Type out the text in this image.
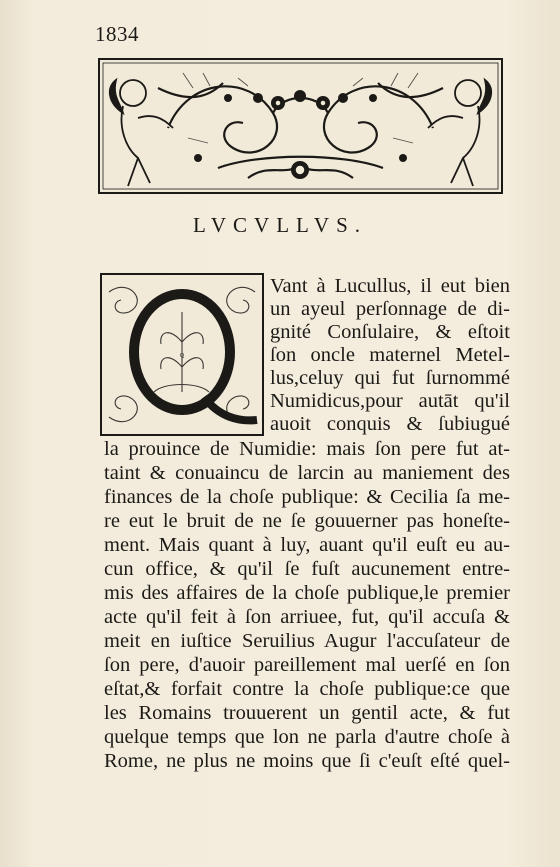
1834
LVCVLLVS.
Q
Vant à Lucullus, il eut bien
un ayeul perſonnage de di-
gnité Conſulaire, & eſtoit
ſon oncle maternel Metel-
lus,celuy qui fut ſurnommé
Numidicus,pour autāt qu'il
auoit conquis & ſubiugué
la prouince de Numidie: mais ſon pere fut at-
taint & conuaincu de larcin au maniement des
finances de la choſe publique: & Cecilia ſa me-
re eut le bruit de ne ſe gouuerner pas honeſte-
ment. Mais quant à luy, auant qu'il euſt eu au-
cun office, & qu'il ſe fuſt aucunement entre-
mis des affaires de la choſe publique,le premier
acte qu'il feit à ſon arriuee, fut, qu'il accuſa &
meit en iuſtice Seruilius Augur l'accuſateur de
ſon pere, d'auoir pareillement mal uerſé en ſon
eſtat,& forfait contre la choſe publique:ce que
les Romains trouuerent un gentil acte, & fut
quelque temps que lon ne parla d'autre choſe à
Rome, ne plus ne moins que ſi c'euſt eſté quel-
